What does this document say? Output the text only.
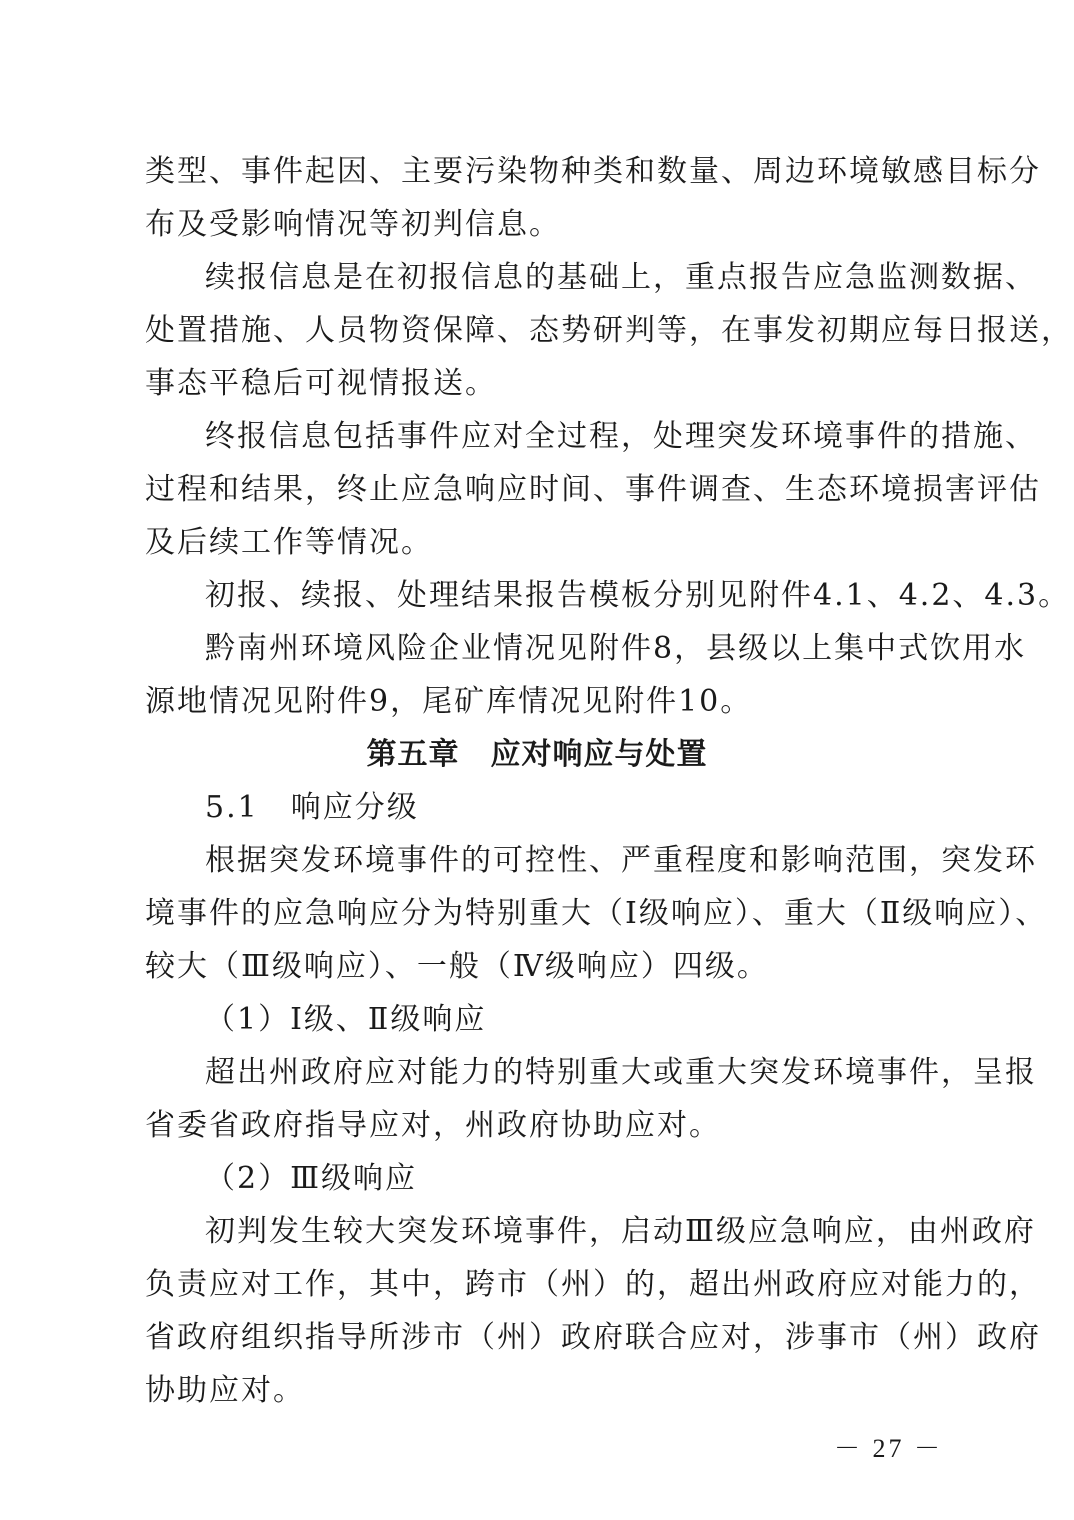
类型、事件起因、主要污染物种类和数量、周边环境敏感目标分
布及受影响情况等初判信息。
续报信息是在初报信息的基础上，重点报告应急监测数据、
处置措施、人员物资保障、态势研判等，在事发初期应每日报送，
事态平稳后可视情报送。
终报信息包括事件应对全过程，处理突发环境事件的措施、
过程和结果，终止应急响应时间、事件调查、生态环境损害评估
及后续工作等情况。
初报、续报、处理结果报告模板分别见附件4.1、4.2、4.3。
黔南州环境风险企业情况见附件8，县级以上集中式饮用水
源地情况见附件9，尾矿库情况见附件10。
第五章　应对响应与处置
5.1　响应分级
根据突发环境事件的可控性、严重程度和影响范围，突发环
境事件的应急响应分为特别重大（Ⅰ级响应）、重大（Ⅱ级响应）、
较大（Ⅲ级响应）、一般（Ⅳ级响应）四级。
（1）Ⅰ级、Ⅱ级响应
超出州政府应对能力的特别重大或重大突发环境事件，呈报
省委省政府指导应对，州政府协助应对。
（2）Ⅲ级响应
初判发生较大突发环境事件，启动Ⅲ级应急响应，由州政府
负责应对工作，其中，跨市（州）的，超出州政府应对能力的，
省政府组织指导所涉市（州）政府联合应对，涉事市（州）政府
协助应对。
－ 27 －
